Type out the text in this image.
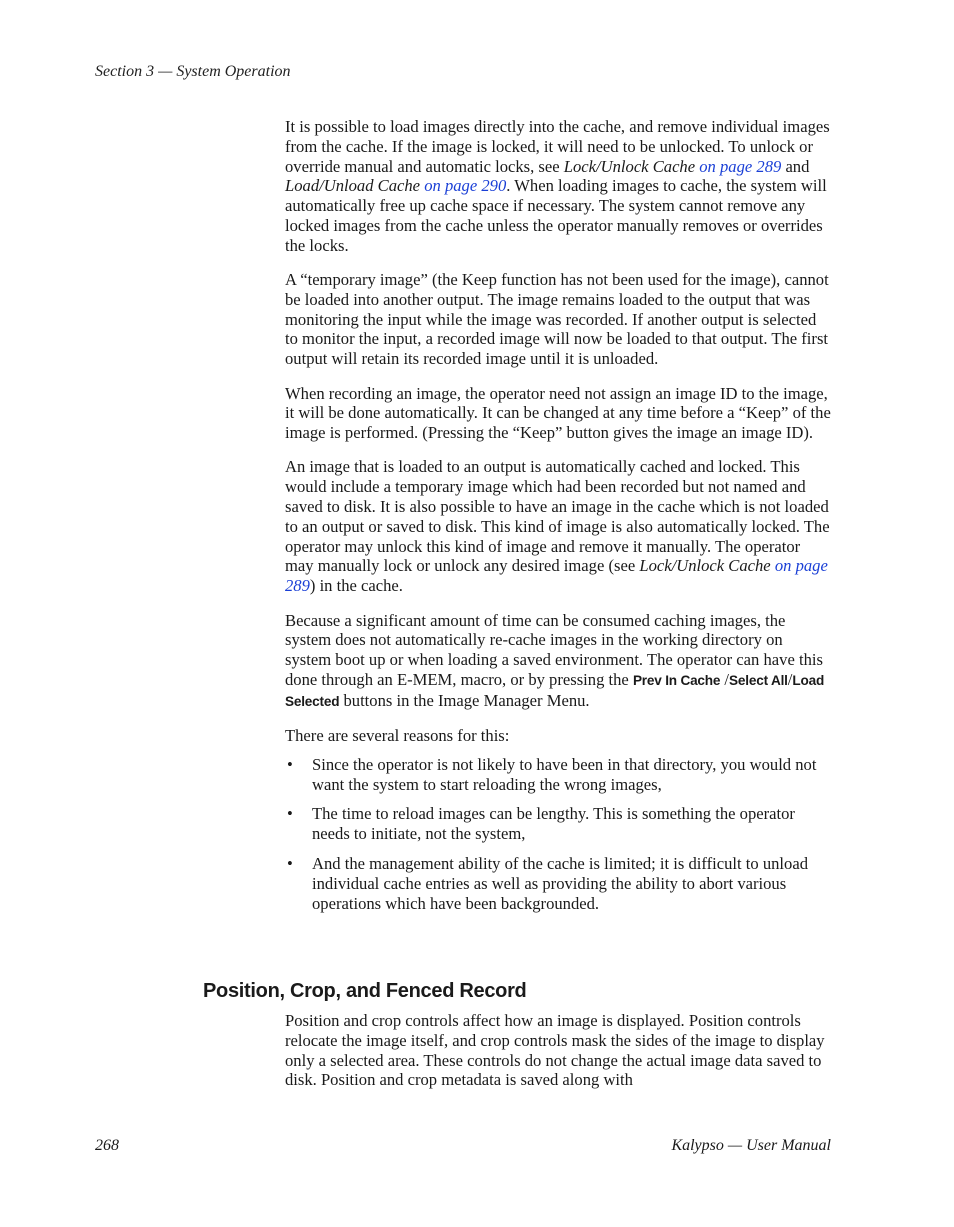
Section 3 — System Operation

It is possible to load images directly into the cache, and remove individual images from the cache. If the image is locked, it will need to be unlocked. To unlock or override manual and automatic locks, see Lock/Unlock Cache on page 289 and Load/Unload Cache on page 290. When loading images to cache, the system will automatically free up cache space if necessary. The system cannot remove any locked images from the cache unless the operator manually removes or overrides the locks.

A “temporary image” (the Keep function has not been used for the image), cannot be loaded into another output. The image remains loaded to the output that was monitoring the input while the image was recorded. If another output is selected to monitor the input, a recorded image will now be loaded to that output. The first output will retain its recorded image until it is unloaded.

When recording an image, the operator need not assign an image ID to the image, it will be done automatically. It can be changed at any time before a “Keep” of the image is performed. (Pressing the “Keep” button gives the image an image ID).

An image that is loaded to an output is automatically cached and locked. This would include a temporary image which had been recorded but not named and saved to disk. It is also possible to have an image in the cache which is not loaded to an output or saved to disk. This kind of image is also automatically locked. The operator may unlock this kind of image and remove it manually. The operator may manually lock or unlock any desired image (see Lock/Unlock Cache on page 289) in the cache.

Because a significant amount of time can be consumed caching images, the system does not automatically re-cache images in the working directory on system boot up or when loading a saved environment. The operator can have this done through an E-MEM, macro, or by pressing the Prev In Cache /Select All/Load Selected buttons in the Image Manager Menu.

There are several reasons for this:

• Since the operator is not likely to have been in that directory, you would not want the system to start reloading the wrong images,
• The time to reload images can be lengthy. This is something the operator needs to initiate, not the system,
• And the management ability of the cache is limited; it is difficult to unload individual cache entries as well as providing the ability to abort various operations which have been backgrounded.
Position, Crop, and Fenced Record

Position and crop controls affect how an image is displayed. Position controls relocate the image itself, and crop controls mask the sides of the image to display only a selected area. These controls do not change the actual image data saved to disk. Position and crop metadata is saved along with

268	Kalypso — User Manual
